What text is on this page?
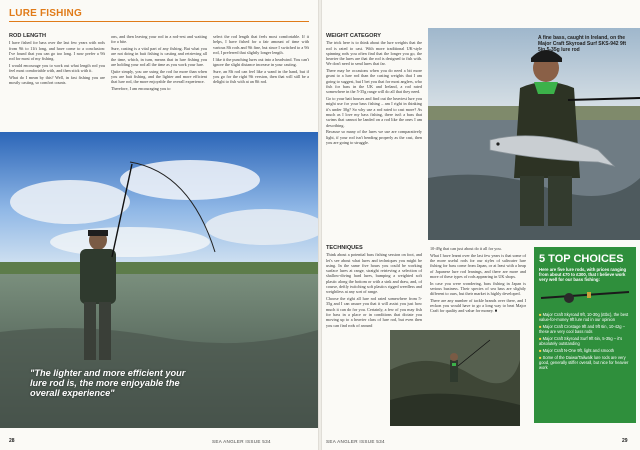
LURE FISHING
ROD LENGTH

I have fished for bass over the last few years with rods from 9ft to 11ft long, and have come to a conclusion: I've found that you can go too long. I now prefer a 9ft rod for most of my fishing.

I would encourage you to work out what length rod you feel most comfortable with, and then stick with it.

What do I mean by this? Well, in fast fishing you are mostly casting, so comfort counts.

ons, and then leaving your rod in a rod-rest and waiting for a bite.

Sure, casting is a vital part of any fishing. But what you are not doing in bait fishing is casting and retrieving all the time, which, in turn, means that in lure fishing you are holding your rod all the time as you work your lure.

Quite simply, you are using the rod far more than when you are bait fishing, and the lighter and more efficient that lure rod, the more enjoyable the overall experience.

Therefore, I am encouraging you to

select the rod length that feels most comfortable. If it helps, I have fished for a fair amount of time with various 8ft rods and 9ft fine, but since I switched to a 9ft rod, I preferred that slightly longer length.

I like it the punching lures out into a headwind. You can't ignore the slight distance increase in your casting.

Sure, an 8ft rod can feel like a wand in the hand, but if you go for the right 9ft version, then that will still be a delight to fish with at an 8ft rod.

"The lighter and more efficient your lure rod is, the more enjoyable the overall experience"
28	SEA ANGLER ISSUE 534
WEIGHT CATEGORY

The trick here is to think about the lure weights that the rod is rated to cast. With more traditional UK-style spinning rods you often find that the longer you go, the heavier the lures are that the rod is designed to fish with. We don't need to send lures that far.

There may be occasions when you do need a bit more grunt to a lure rod than the casting weights that I am going to suggest, but I bet you that for most anglers, who fish for bass in the UK and Ireland, a rod rated somewhere in the 5-35g range will do all that they need.

Go to your bait houses and find out the heaviest lure you might use for your bass fishing – am I right in thinking it's under 30g? So why use a rod rated to cast more? As much as I love my bass fishing, there isn't a bass that swims that cannot be landed on a rod like the ones I am describing.

Because so many of the lures we use are comparatively light, if your rod isn't bending properly as the cast, then you are going to struggle.

TECHNIQUES

Think about a potential bass fishing session on foot, and let's see about what lures and techniques you might be using. In the same five hours you could be working surface lures at range, straight retrieving a selection of shallow-diving hard lures, bumping a weighted soft plastic along the bottom or with a sink and draw, and, of course, deftly twitching soft plastics rigged weedless and weightless at any sort of range.

Choose the right all lure rod rated somewhere from 5-35g and I can assure you that it will assist you just how much it can do for you. Certainly, a few of you may fish for bass in a place or in conditions that dictate you moving up to a heavier class of lure rod, but even then you can find rods of around

10-49g that can just about do it all for you.

What I have learnt over the last few years is that some of the more useful rods for our styles of saltwater lure fishing for bass come from Japan, or at least with a heap of Japanese lure rod leanings, and there are more and more of these types of rods appearing in UK shops.

In case you were wondering, bass fishing in Japan is serious business. Their species of sea bass are slightly different to ours, but their market is highly developed.

There are any number of tackle brands over there, and I reckon you would have to go a long way to beat Major Craft for quality and value for money. ■

A fine bass, caught in Ireland, on the Major Craft Skyroad Surf SKS-942 9ft 5in 5-35g lure rod
5 TOP CHOICES
Here are five lure rods, with prices ranging from about £70 to £300, that I believe work very well for our bass fishing:
■ Major Craft Skyroad 9ft, 10-30g (£tbc), the best value-for-money 9ft lure rod in our opinion
■ Major Craft Crostage 9ft and 9ft 6in, 10-42g – these are very cool bass rods
■ Major Craft Skyroad Surf 9ft 6in, 5-35g – it's absolutely outstanding
■ Major Craft N-One 9ft, light and smooth
■ Some of the Daiwa/Tailwalk lure rods are very good, generally stiffer overall, but nice for heavier work
SEA ANGLER ISSUE 534	29
